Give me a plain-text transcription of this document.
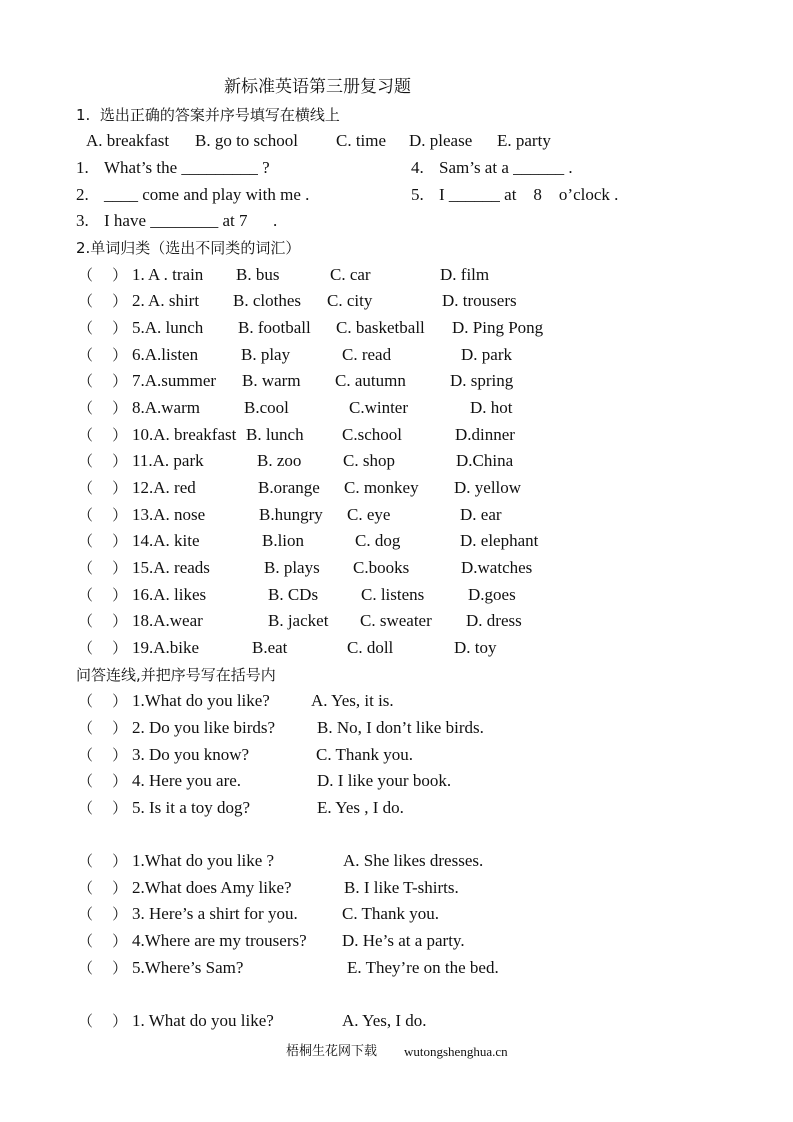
新标准英语第三册复习题
1.  选出正确的答案并序号填写在横线上
A. breakfast B. go to school C. time D. please E. party
1. What’s the _________ ?
2. ____ come and play with me .
3. I have ________ at 7      .
4. Sam’s at a ______ .
5. I ______ at    8    o’clock .
2.单词归类（选出不同类的词汇）
（    ） 1. A . train B. bus	C. car	D. film
（    ） 2. A. shirt B. clothes C. city	D. trousers
（    ） 5.A. lunch B. football C. basketball D. Ping Pong
（    ） 6.A.listen	B. play	C. read	D. park
（    ） 7.A.summer B. warm C. autumn	D. spring
（    ） 8.A.warm	B.cool	C.winter	D. hot
（    ） 10.A. breakfast B. lunch C.school	D.dinner
（    ） 11.A. park	B. zoo C. shop	D.China
（    ） 12.A. red	B.orange C. monkey D. yellow
（    ） 13.A. nose	B.hungry C. eye	D. ear
（    ） 14.A. kite	B.lion	C. dog	D. elephant
（    ） 15.A. reads	B. plays C.books	D.watches
（    ） 16.A. likes	B. CDs	C. listens	D.goes
（    ） 18.A.wear	B. jacket C. sweater D. dress
（    ） 19.A.bike	B.eat	C. doll	D. toy
问答连线,并把序号写在括号内
（    ） 1.What do you like? A. Yes, it is.
（    ） 2. Do you like birds? B. No, I don’t like birds.
（    ） 3. Do you know?	C. Thank you.
（    ） 4. Here you are.	D. I like your book.
（    ） 5. Is it a toy dog?	E. Yes , I do.
（    ） 1.What do you like ?	A. She likes dresses.
（    ） 2.What does Amy like?	B. I like T-shirts.
（    ） 3. Here’s a shirt for you.	C. Thank you.
（    ） 4.Where are my trousers? D. He’s at a party.
（    ） 5.Where’s Sam?	E. They’re on the bed.
（    ） 1. What do you like?	A. Yes, I do.
梧桐生花网下载 wutongshenghua.cn
